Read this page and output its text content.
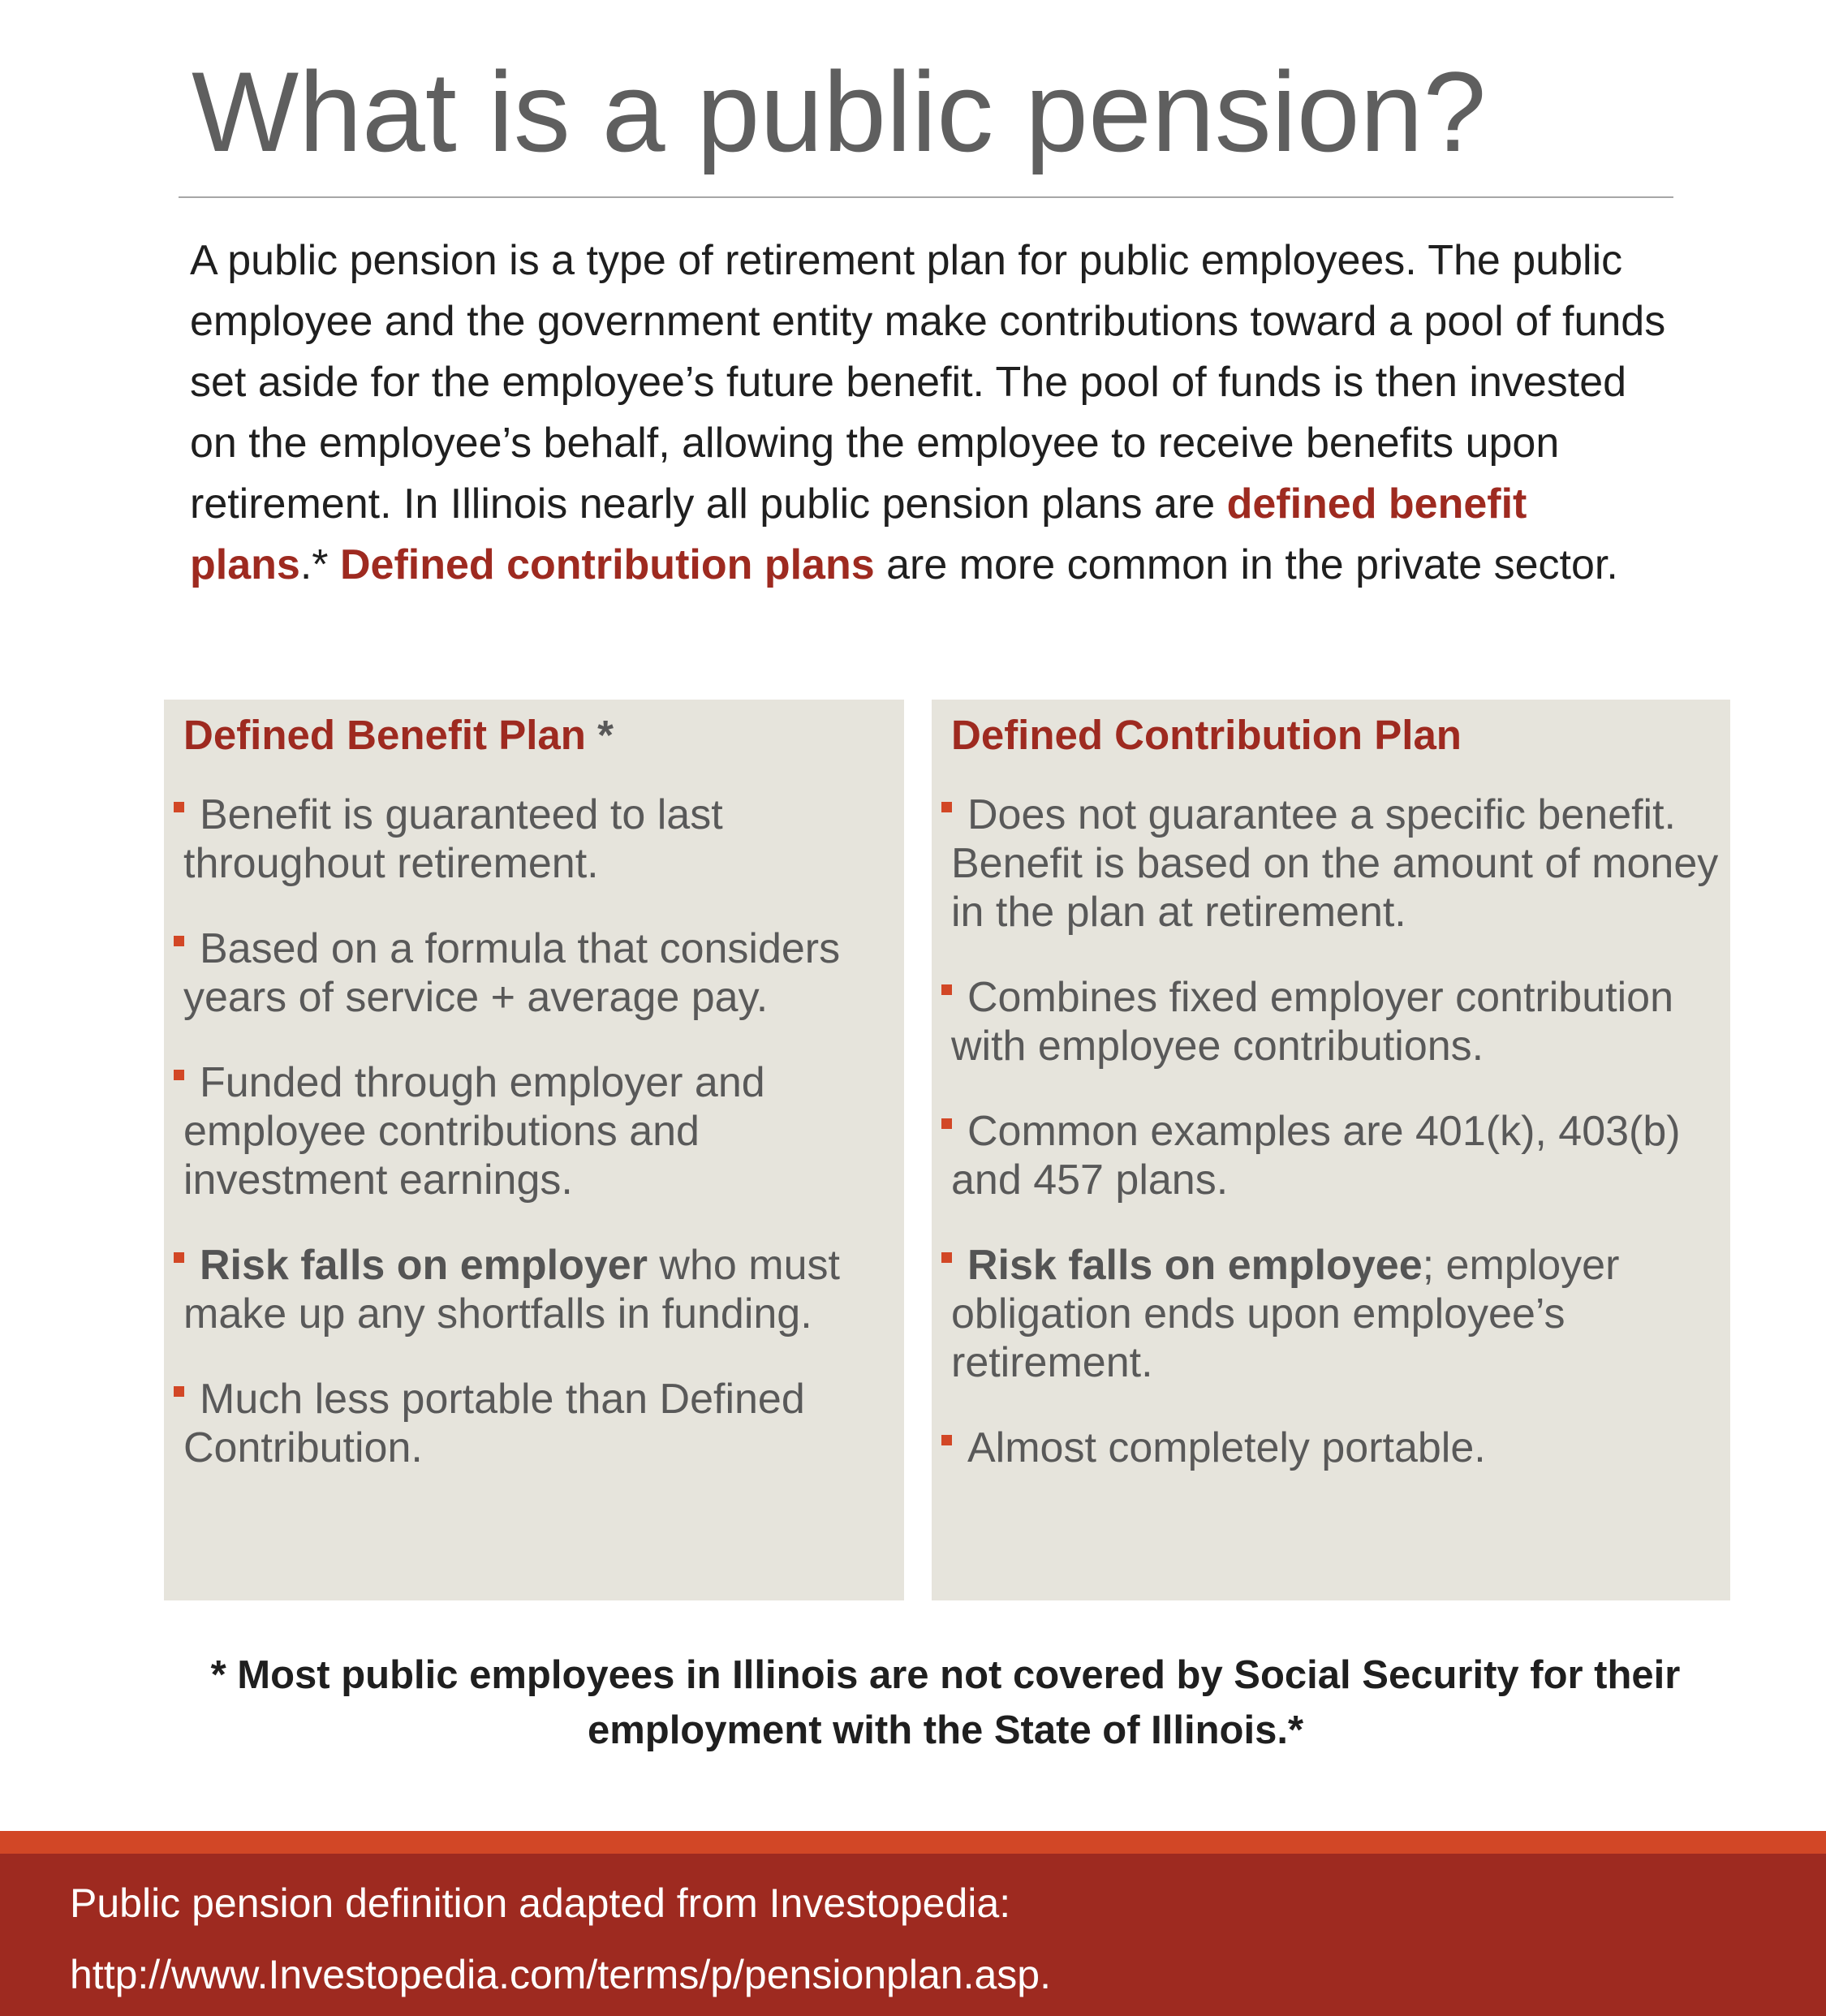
What is a public pension?

A public pension is a type of retirement plan for public employees. The public employee and the government entity make contributions toward a pool of funds set aside for the employee’s future benefit. The pool of funds is then invested on the employee’s behalf, allowing the employee to receive benefits upon retirement. In Illinois nearly all public pension plans are defined benefit plans.* Defined contribution plans are more common in the private sector.

Defined Benefit Plan *
Benefit is guaranteed to last throughout retirement.
Based on a formula that considers years of service + average pay.
Funded through employer and employee contributions and investment earnings.
Risk falls on employer who must make up any shortfalls in funding.
Much less portable than Defined Contribution.
Defined Contribution Plan
Does not guarantee a specific benefit. Benefit is based on the amount of money in the plan at retirement.
Combines fixed employer contribution with employee contributions.
Common examples are 401(k), 403(b) and 457 plans.
Risk falls on employee; employer obligation ends upon employee’s retirement.
Almost completely portable.

* Most public employees in Illinois are not covered by Social Security for their employment with the State of Illinois.*

Public pension definition adapted from Investopedia:
http://www.Investopedia.com/terms/p/pensionplan.asp.
